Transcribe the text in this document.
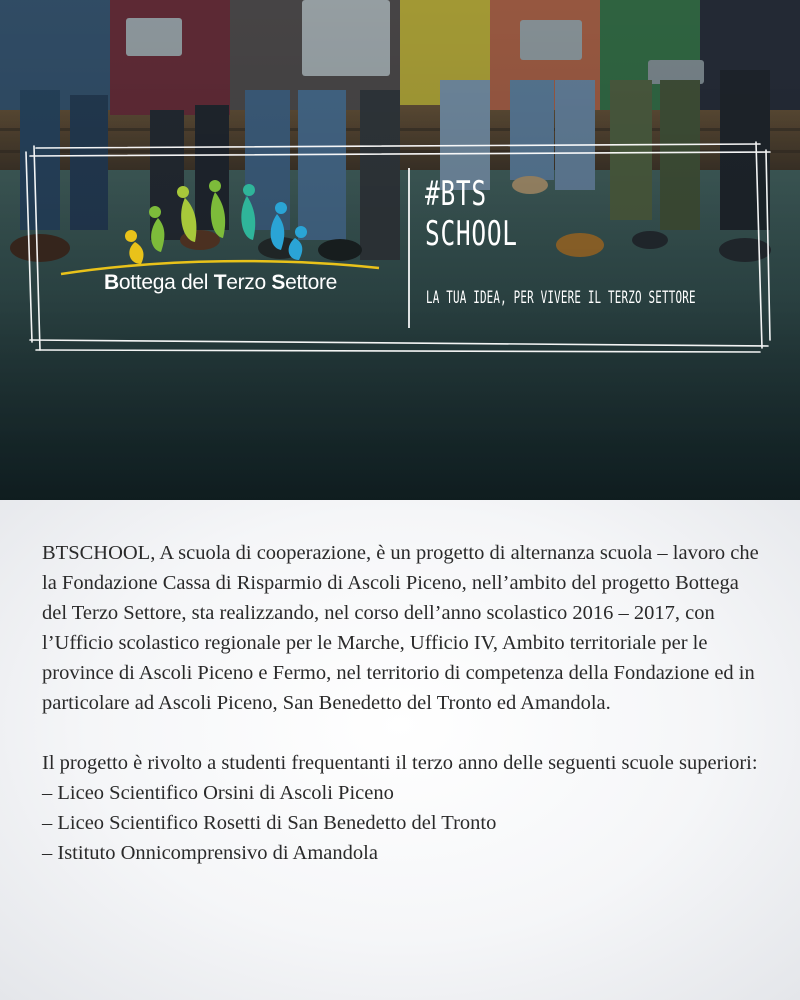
Bottega del Terzo Settore
#BTS
SCHOOL
LA TUA IDEA, PER VIVERE IL TERZO SETTORE

BTSCHOOL, A scuola di cooperazione, è un progetto di alternanza scuola – lavoro che la Fondazione Cassa di Risparmio di Ascoli Piceno, nell’ambito del progetto Bottega del Terzo Settore, sta realizzando, nel corso dell’anno scolastico 2016 – 2017, con l’Ufficio scolastico regionale per le Marche, Ufficio IV, Ambito territoriale per le province di Ascoli Piceno e Fermo, nel territorio di competenza della Fondazione ed in particolare ad Ascoli Piceno, San Benedetto del Tronto ed Amandola.

Il progetto è rivolto a studenti frequentanti il terzo anno delle seguenti scuole superiori:

– Liceo Scientifico Orsini di Ascoli Piceno
– Liceo Scientifico Rosetti di San Benedetto del Tronto
– Istituto Onnicomprensivo di Amandola
